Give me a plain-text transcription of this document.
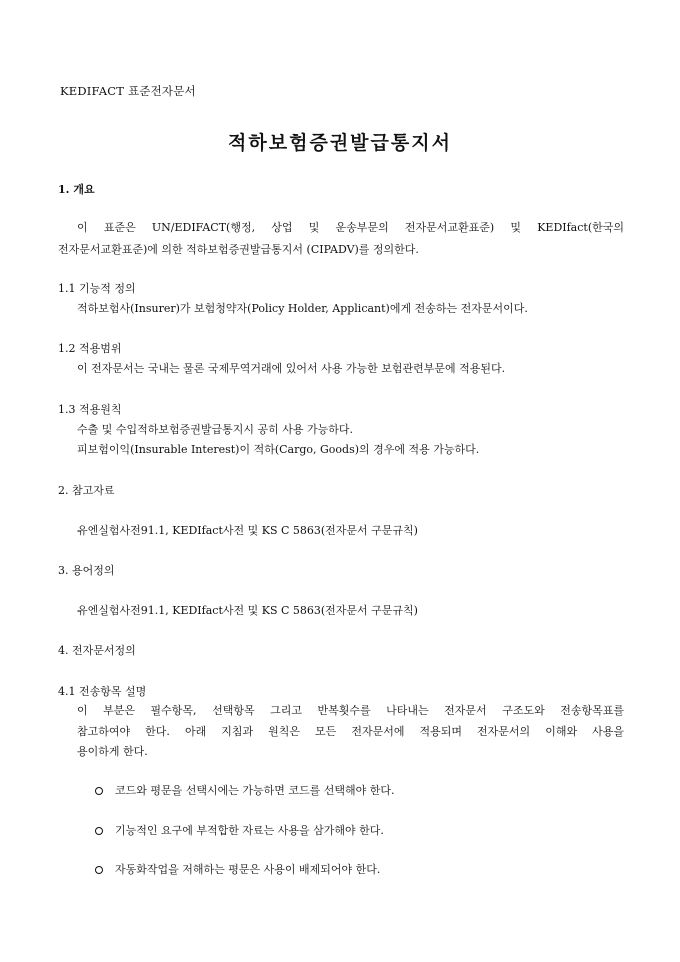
KEDIFACT 표준전자문서
적하보험증권발급통지서
1. 개요
이 표준은 UN/EDIFACT(행정, 상업 및 운송부문의 전자문서교환표준) 및 KEDIfact(한국의
전자문서교환표준)에 의한 적하보험증권발급통지서 (CIPADV)를 정의한다.
1.1 기능적 정의
적하보험사(Insurer)가 보험청약자(Policy Holder, Applicant)에게 전송하는 전자문서이다.
1.2 적용범위
이 전자문서는 국내는 물론 국제무역거래에 있어서 사용 가능한 보험관련부문에 적용된다.
1.3 적용원칙
수출 및 수입적하보험증권발급통지시 공히 사용 가능하다.
피보험이익(Insurable Interest)이 적하(Cargo, Goods)의 경우에 적용 가능하다.
2. 참고자료
유엔실험사전91.1, KEDIfact사전 및 KS C 5863(전자문서 구문규칙)
3. 용어정의
유엔실험사전91.1, KEDIfact사전 및 KS C 5863(전자문서 구문규칙)
4. 전자문서정의
4.1 전송항목 설명
이 부분은 필수항목, 선택항목 그리고 반복횟수를 나타내는 전자문서 구조도와 전송항목표를
참고하여야 한다. 아래 지침과 원칙은 모든 전자문서에 적용되며 전자문서의 이해와 사용을
용이하게 한다.
코드와 평문을 선택시에는 가능하면 코드를 선택해야 한다.
기능적인 요구에 부적합한 자료는 사용을 삼가해야 한다.
자동화작업을 저해하는 평문은 사용이 배제되어야 한다.
